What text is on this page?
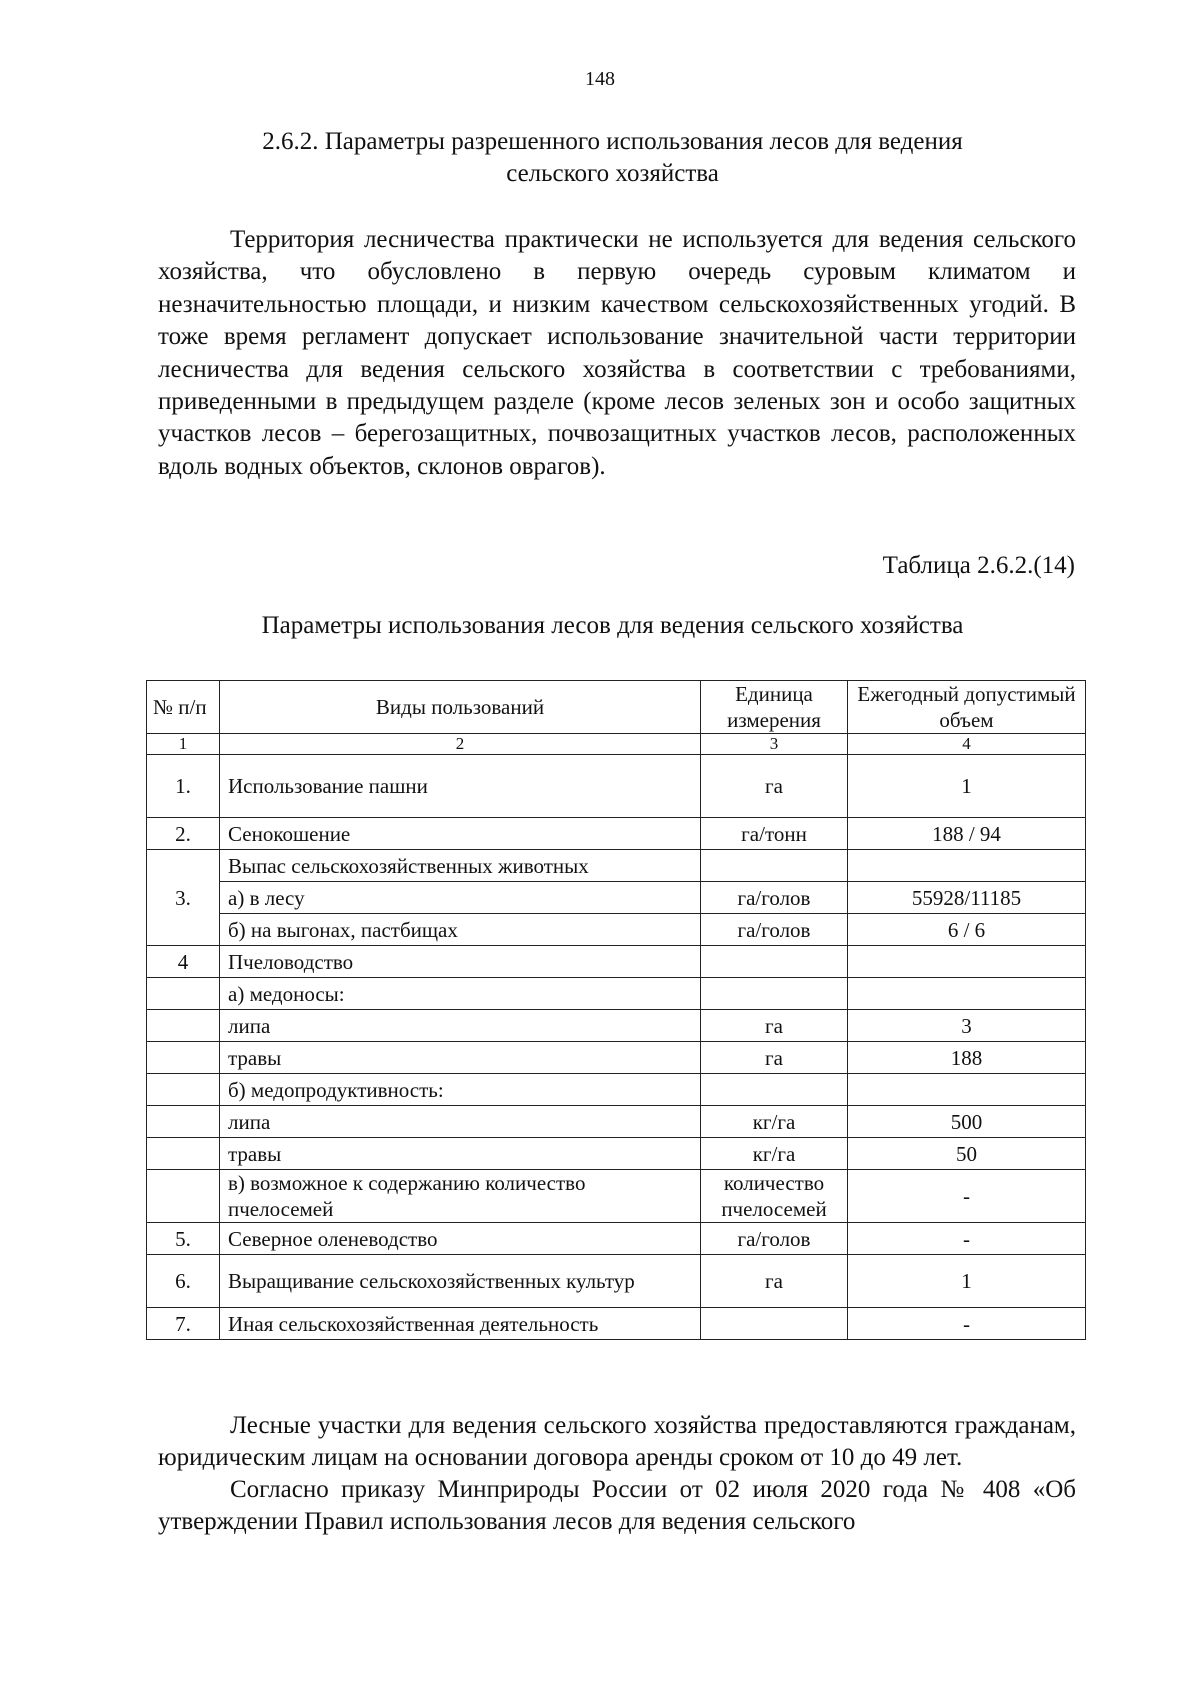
148
2.6.2. Параметры разрешенного использования лесов для ведения
сельского хозяйства
Территория лесничества практически не используется для ведения сельского хозяйства, что обусловлено в первую очередь суровым климатом и незначительностью площади, и низким качеством сельскохозяйственных угодий. В тоже время регламент допускает использование значительной части территории лесничества для ведения сельского хозяйства в соответствии с требованиями, приведенными в предыдущем разделе (кроме лесов зеленых зон и особо защитных участков лесов – берегозащитных, почвозащитных участков лесов, расположенных вдоль водных объектов, склонов оврагов).
Таблица 2.6.2.(14)
Параметры использования лесов для ведения сельского хозяйства
№ п/п	Виды пользований	Единица измерения	Ежегодный допустимый объем
1	2	3	4
1.	Использование пашни	га	1
2.	Сенокошение	га/тонн	188 / 94
3.	Выпас сельскохозяйственных животных		
	а) в лесу	га/голов	55928/11185
	б) на выгонах, пастбищах	га/голов	6 / 6
4	Пчеловодство		
	а) медоносы:		
	липа	га	3
	травы	га	188
	б) медопродуктивность:		
	липа	кг/га	500
	травы	кг/га	50
	в) возможное к содержанию количество пчелосемей	количество пчелосемей	-
5.	Северное оленеводство	га/голов	-
6.	Выращивание сельскохозяйственных культур	га	1
7.	Иная сельскохозяйственная деятельность		-
Лесные участки для ведения сельского хозяйства предоставляются гражданам, юридическим лицам на основании договора аренды сроком от 10 до 49 лет.
Согласно приказу Минприроды России от 02 июля 2020 года № 408 «Об утверждении Правил использования лесов для ведения сельского
